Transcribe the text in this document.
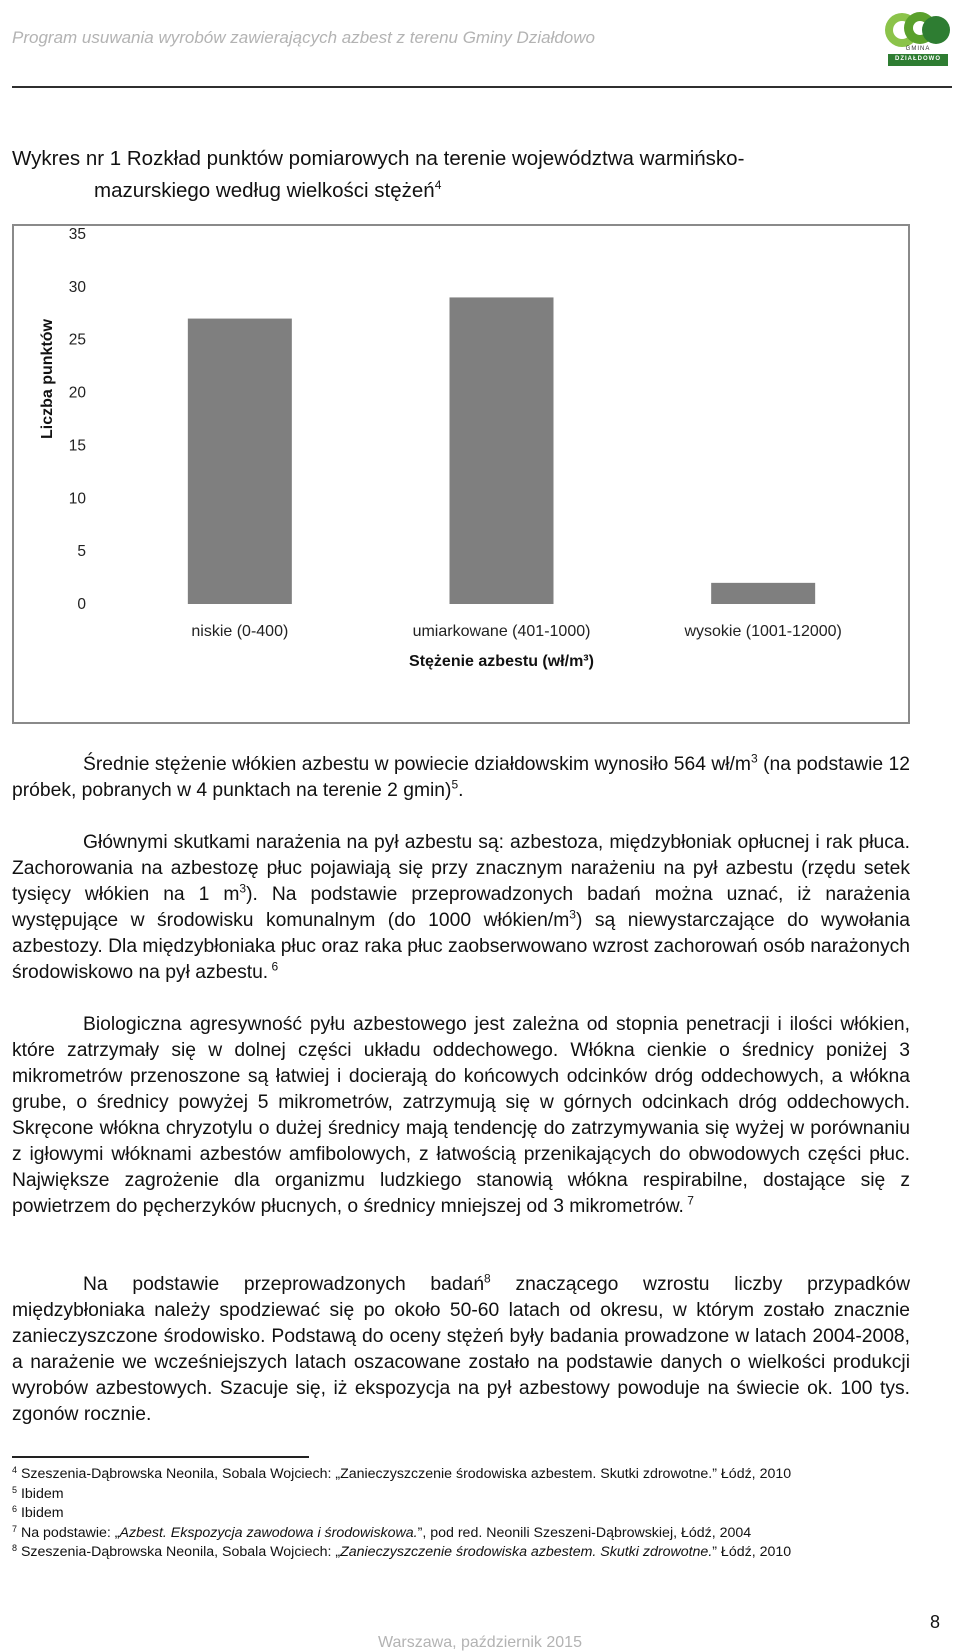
Program usuwania wyrobów zawierających azbest z terenu Gminy Działdowo
GMINA
DZIAŁDOWO
Wykres nr 1 Rozkład punktów pomiarowych na terenie województwa warmińsko-
mazurskiego według wielkości stężeń$^4$
0
5
10
15
20
25
30
35
niskie (0-400)	umiarkowane (401-1000)	wysokie (1001-12000)
Stężenie azbestu (wł/m³)
Liczba punktów

Średnie stężenie włókien azbestu w powiecie działdowskim wynosiło 564 $wł/m^3$ (na podstawie 12 próbek, pobranych w 4 punktach na terenie 2 gmin)$^5$.

Głównymi skutkami narażenia na pył azbestu są: azbestoza, międzybłoniak opłucnej i rak płuca. Zachorowania na azbestozę płuc pojawiają się przy znacznym narażeniu na pył azbestu (rzędu setek tysięcy włókien na 1 $m^3$). Na podstawie przeprowadzonych badań można uznać, iż narażenia występujące w środowisku komunalnym (do 1000 włókien/$m^3$) są niewystarczające do wywołania azbestozy. Dla międzybłoniaka płuc oraz raka płuc zaobserwowano wzrost zachorowań osób narażonych środowiskowo na pył azbestu. $^6$

Biologiczna agresywność pyłu azbestowego jest zależna od stopnia penetracji i ilości włókien, które zatrzymały się w dolnej części układu oddechowego. Włókna cienkie o średnicy poniżej 3 mikrometrów przenoszone są łatwiej i docierają do końcowych odcinków dróg oddechowych, a włókna grube, o średnicy powyżej 5 mikrometrów, zatrzymują się w górnych odcinkach dróg oddechowych. Skręcone włókna chryzotylu o dużej średnicy mają tendencję do zatrzymywania się wyżej w porównaniu z igłowymi włóknami azbestów amfibolowych, z łatwością przenikających do obwodowych części płuc. Największe zagrożenie dla organizmu ludzkiego stanowią włókna respirabilne, dostające się z powietrzem do pęcherzyków płucnych, o średnicy mniejszej od 3 mikrometrów. $^7$

Na podstawie przeprowadzonych badań$^8$ znaczącego wzrostu liczby przypadków międzybłoniaka należy spodziewać się po około 50-60 latach od okresu, w którym zostało znacznie zanieczyszczone środowisko. Podstawą do oceny stężeń były badania prowadzone w latach 2004-2008, a narażenie we wcześniejszych latach oszacowane zostało na podstawie danych o wielkości produkcji wyrobów azbestowych. Szacuje się, iż ekspozycja na pył azbestowy powoduje na świecie ok. 100 tys. zgonów rocznie.

$^4$ Szeszenia-Dąbrowska Neonila, Sobala Wojciech: „Zanieczyszczenie środowiska azbestem. Skutki zdrowotne.” Łódź, 2010
$^5$ Ibidem
$^6$ Ibidem
$^7$ Na podstawie: „Azbest. Ekspozycja zawodowa i środowiskowa.”, pod red. Neonili Szeszeni-Dąbrowskiej, Łódź, 2004
$^8$ Szeszenia-Dąbrowska Neonila, Sobala Wojciech: „Zanieczyszczenie środowiska azbestem. Skutki zdrowotne.” Łódź, 2010
8
Warszawa, październik 2015
